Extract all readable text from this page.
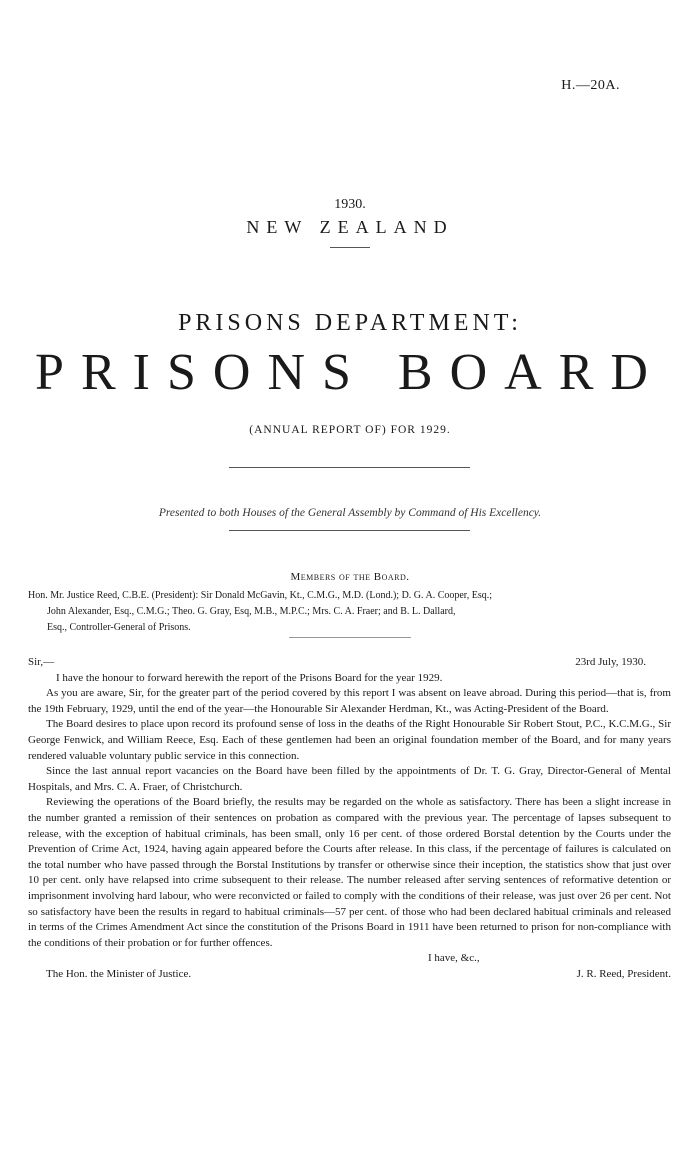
H.—20A.
1930.
NEW ZEALAND
PRISONS DEPARTMENT:
PRISONS BOARD
(ANNUAL REPORT OF) FOR 1929.
Presented to both Houses of the General Assembly by Command of His Excellency.
Members of the Board.
Hon. Mr. Justice Reed, C.B.E. (President): Sir Donald McGavin, Kt., C.M.G., M.D. (Lond.); D. G. A. Cooper, Esq.;
John Alexander, Esq., C.M.G.; Theo. G. Gray, Esq, M.B., M.P.C.; Mrs. C. A. Fraer; and B. L. Dallard,
Esq., Controller-General of Prisons.
Sir,—	23rd July, 1930.

I have the honour to forward herewith the report of the Prisons Board for the year 1929.

As you are aware, Sir, for the greater part of the period covered by this report I was absent on leave abroad. During this period—that is, from the 19th February, 1929, until the end of the year—the Honourable Sir Alexander Herdman, Kt., was Acting-President of the Board.

The Board desires to place upon record its profound sense of loss in the deaths of the Right Honourable Sir Robert Stout, P.C., K.C.M.G., Sir George Fenwick, and William Reece, Esq. Each of these gentlemen had been an original foundation member of the Board, and for many years rendered valuable voluntary public service in this connection.

Since the last annual report vacancies on the Board have been filled by the appointments of Dr. T. G. Gray, Director-General of Mental Hospitals, and Mrs. C. A. Fraer, of Christchurch.

Reviewing the operations of the Board briefly, the results may be regarded on the whole as satisfactory. There has been a slight increase in the number granted a remission of their sentences on probation as compared with the previous year. The percentage of lapses subsequent to release, with the exception of habitual criminals, has been small, only 16 per cent. of those ordered Borstal detention by the Courts under the Prevention of Crime Act, 1924, having again appeared before the Courts after release. In this class, if the percentage of failures is calculated on the total number who have passed through the Borstal Institutions by transfer or otherwise since their inception, the statistics show that just over 10 per cent. only have relapsed into crime subsequent to their release. The number released after serving sentences of reformative detention or imprisonment involving hard labour, who were reconvicted or failed to comply with the conditions of their release, was just over 26 per cent. Not so satisfactory have been the results in regard to habitual criminals—57 per cent. of those who had been declared habitual criminals and released in terms of the Crimes Amendment Act since the constitution of the Prisons Board in 1911 have been returned to prison for non-compliance with the conditions of their probation or for further offences.

I have, &c.,
The Hon. the Minister of Justice.	J. R. Reed, President.
